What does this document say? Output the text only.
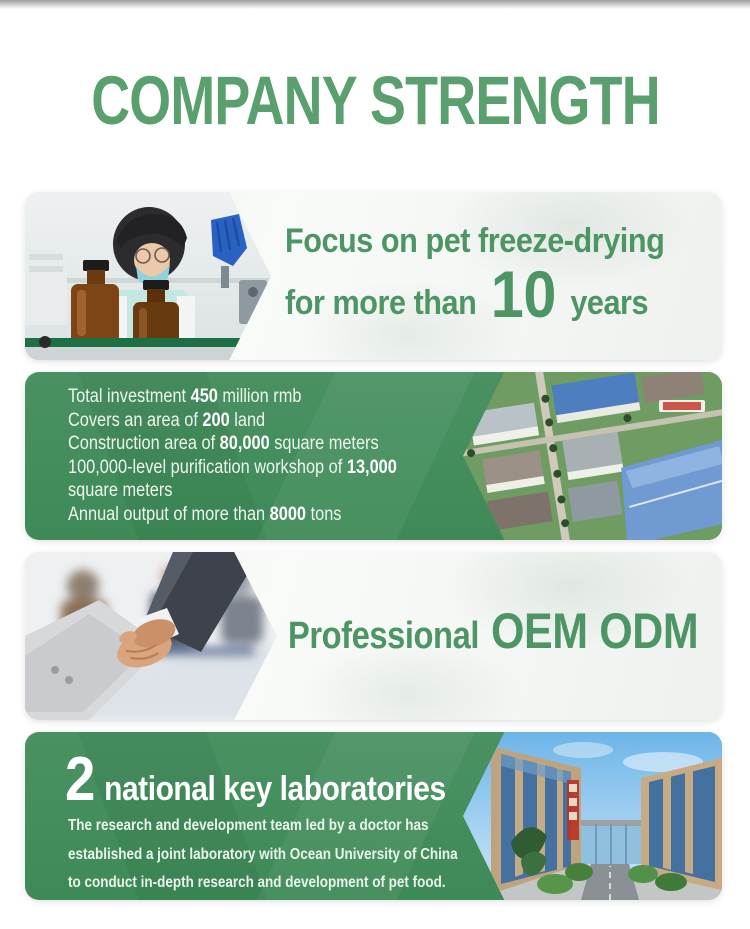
COMPANY STRENGTH
Focus on pet freeze-drying
for more than 10 years
Total investment 450 million rmb
Covers an area of 200 land
Construction area of 80,000 square meters
100,000-level purification workshop of 13,000
square meters
Annual output of more than 8000 tons
Professional OEM ODM
2 national key laboratories
The research and development team led by a doctor has
established a joint laboratory with Ocean University of China
to conduct in-depth research and development of pet food.
